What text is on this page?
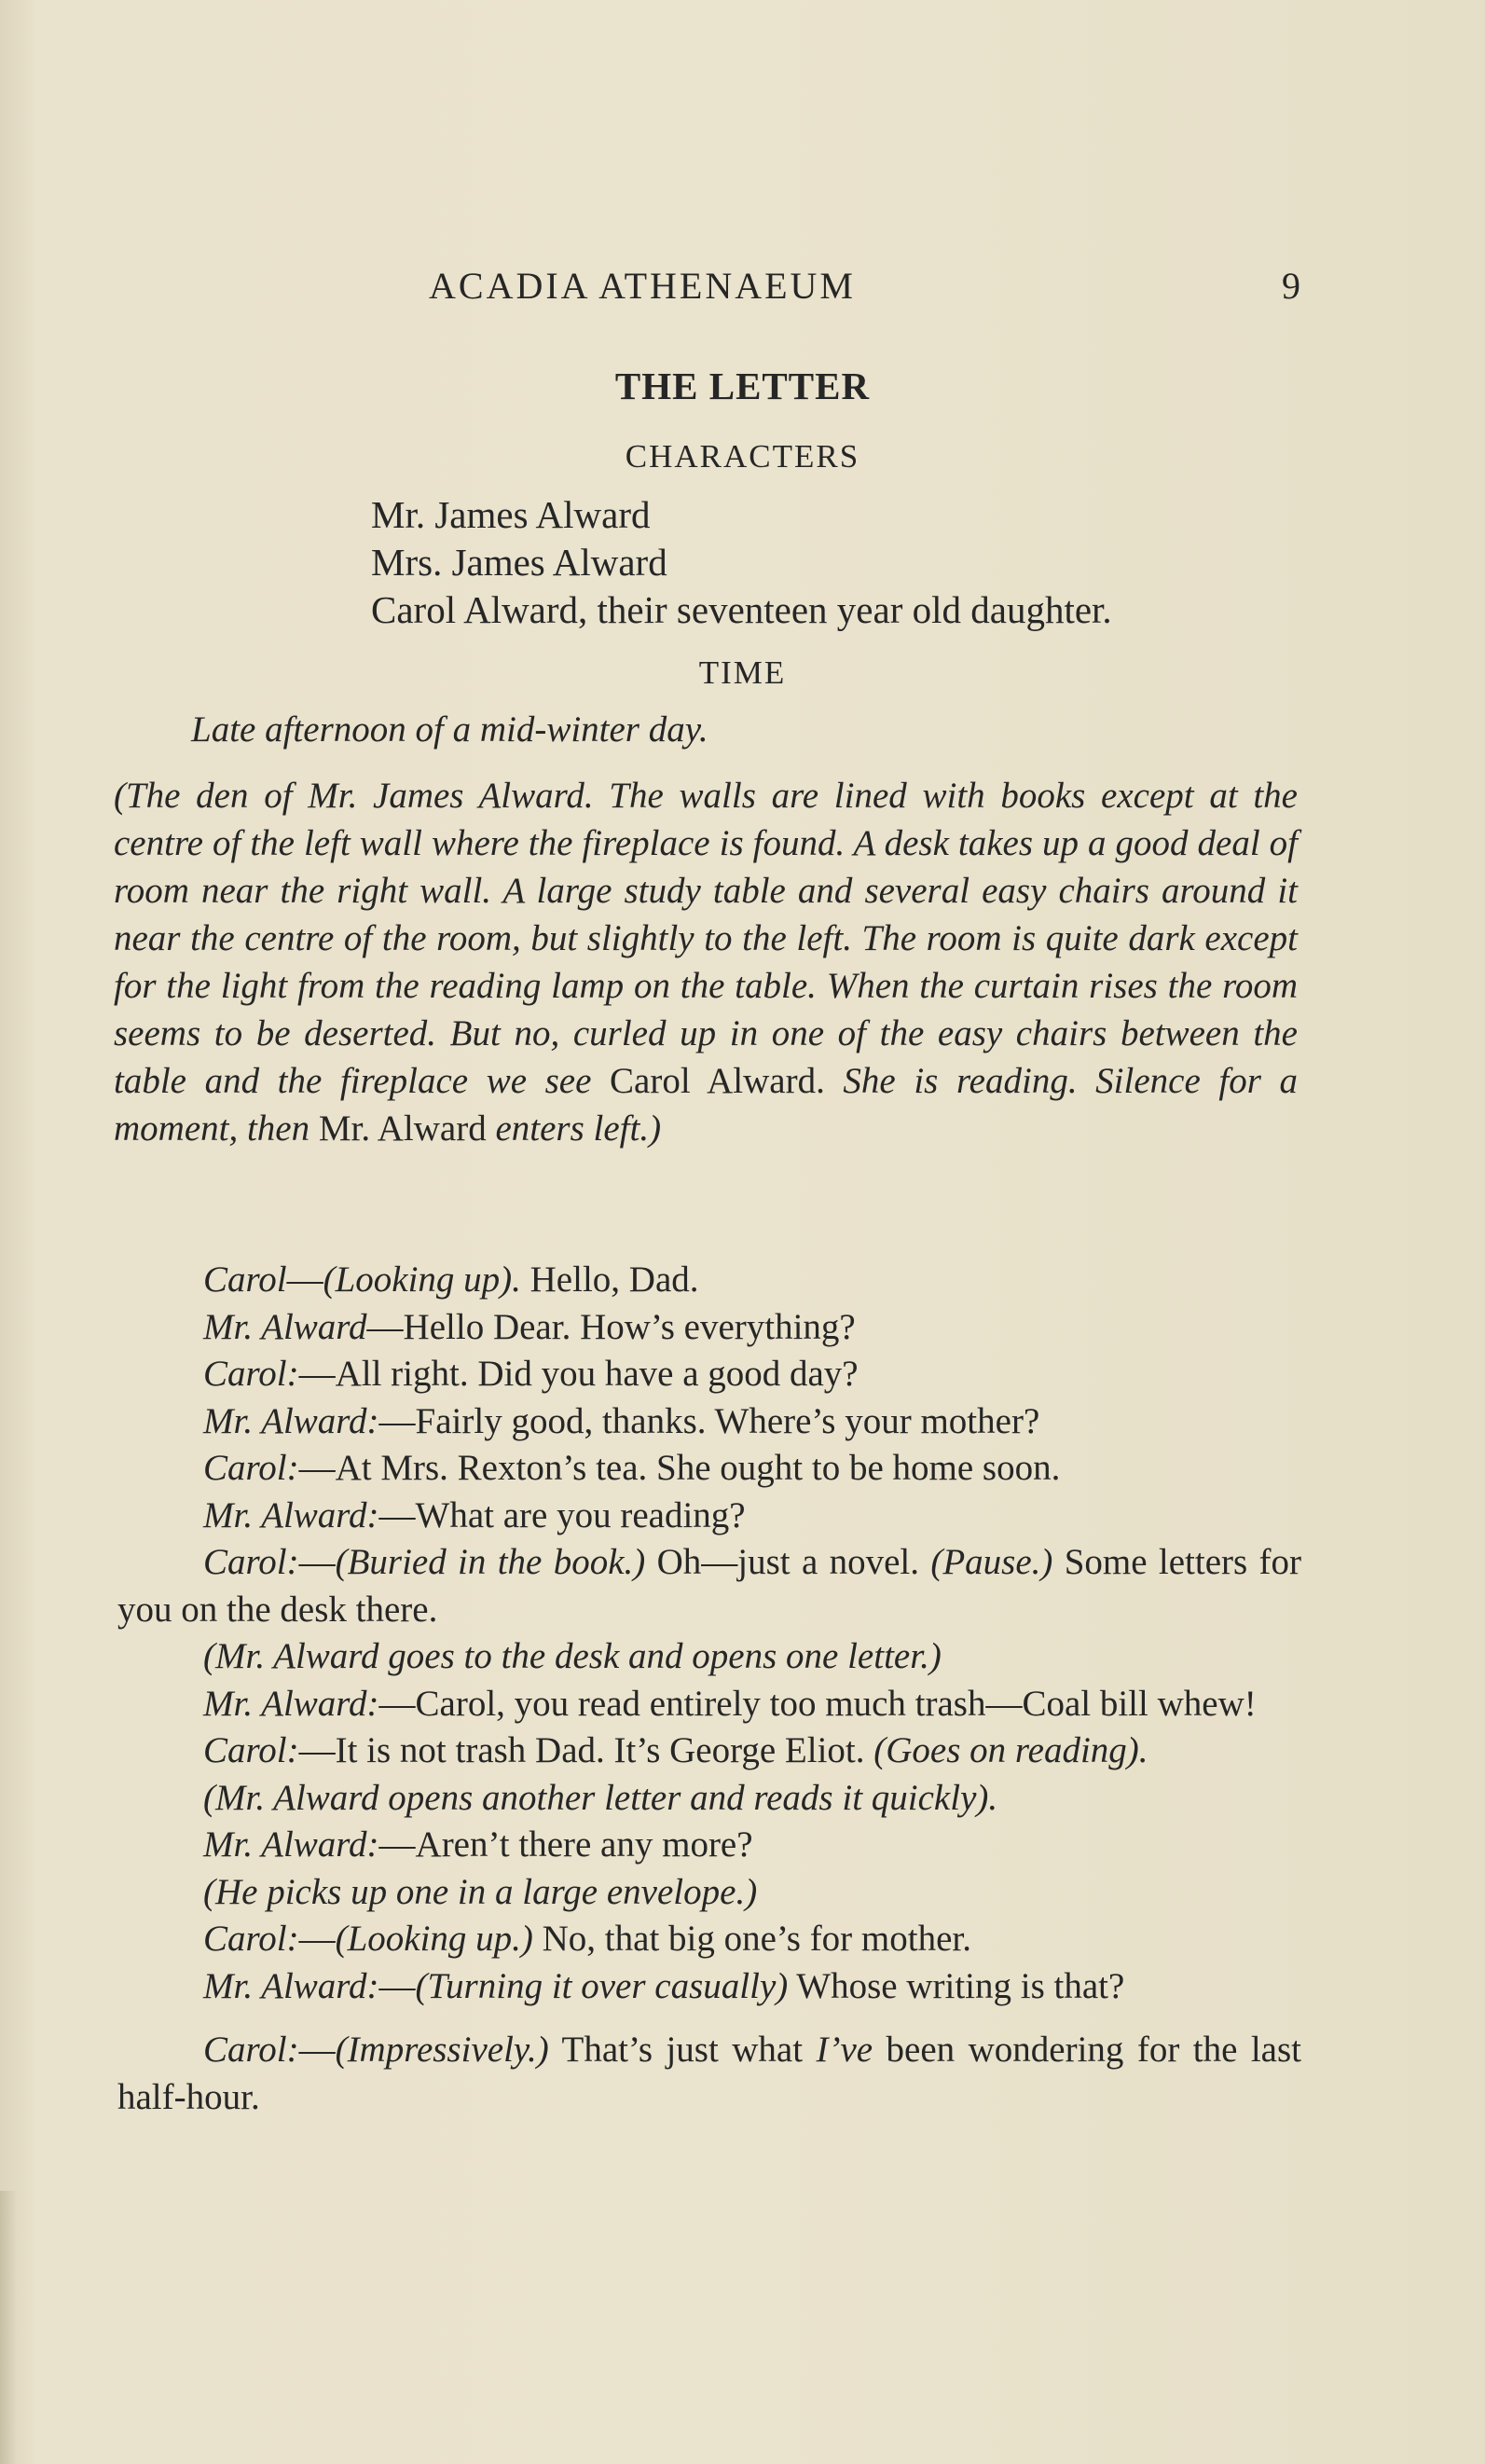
ACADIA ATHENAEUM	9
THE LETTER
CHARACTERS
Mr. James Alward
Mrs. James Alward
Carol Alward, their seventeen year old daughter.
TIME
Late afternoon of a mid-winter day.
(The den of Mr. James Alward. The walls are lined with books except at the centre of the left wall where the fireplace is found. A desk takes up a good deal of room near the right wall. A large study table and several easy chairs around it near the centre of the room, but slightly to the left. The room is quite dark except for the light from the reading lamp on the table. When the curtain rises the room seems to be deserted. But no, curled up in one of the easy chairs between the table and the fireplace we see Carol Alward. She is reading. Silence for a moment, then Mr. Alward enters left.)

Carol—(Looking up). Hello, Dad.

Mr. Alward—Hello Dear. How’s everything?

Carol:—All right. Did you have a good day?

Mr. Alward:—Fairly good, thanks. Where’s your mother?

Carol:—At Mrs. Rexton’s tea. She ought to be home soon.

Mr. Alward:—What are you reading?

Carol:—(Buried in the book.) Oh—just a novel. (Pause.) Some letters for you on the desk there.

(Mr. Alward goes to the desk and opens one letter.)

Mr. Alward:—Carol, you read entirely too much trash—Coal bill whew!

Carol:—It is not trash Dad. It’s George Eliot. (Goes on reading).

(Mr. Alward opens another letter and reads it quickly).

Mr. Alward:—Aren’t there any more?

(He picks up one in a large envelope.)

Carol:—(Looking up.) No, that big one’s for mother.

Mr. Alward:—(Turning it over casually) Whose writing is that?

Carol:—(Impressively.) That’s just what I’ve been wondering for the last half-hour.
